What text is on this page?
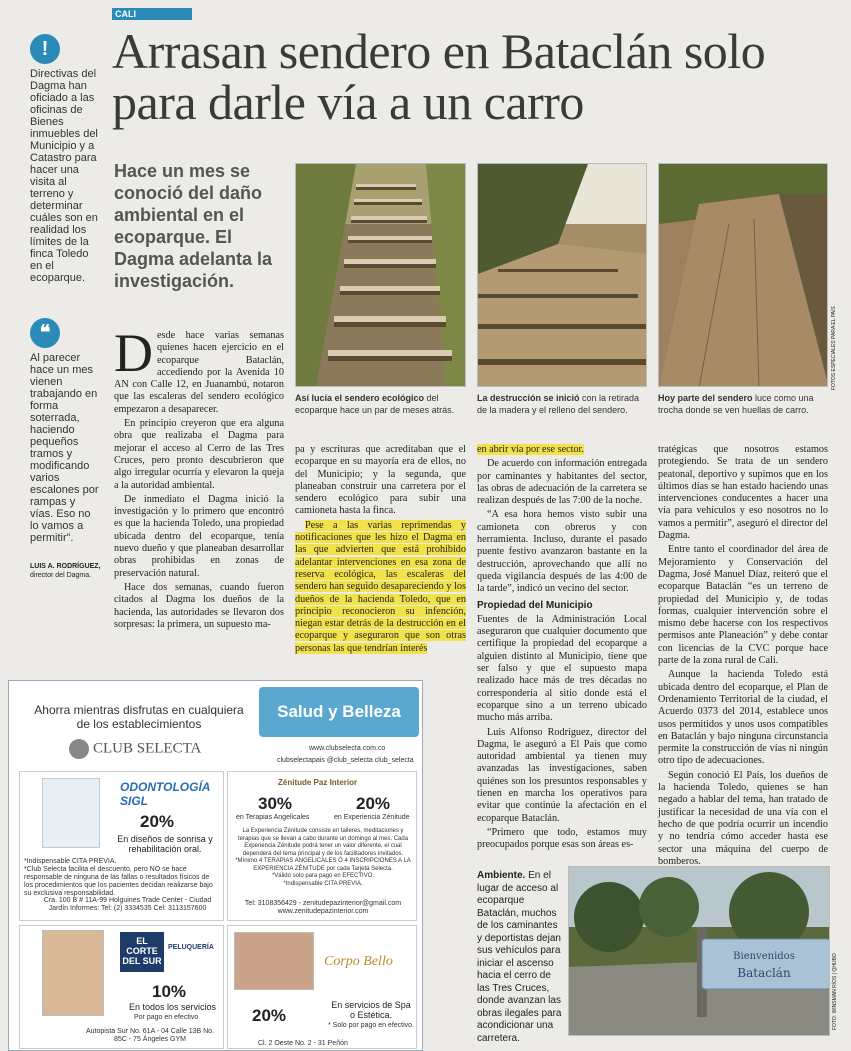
CALI
Arrasan sendero en Bataclán solo para darle vía a un carro
Hace un mes se conoció del daño ambiental en el ecoparque. El Dagma adelanta la investigación.
!
Directivas del Dagma han oficiado a las oficinas de Bienes inmuebles del Municipio y a Catastro para hacer una visita al terreno y determinar cuáles son en realidad los límites de la finca Toledo en el ecoparque.
❝
Al parecer hace un mes vienen trabajando en forma soterrada, haciendo pequeños tramos y modificando varios escalones por rampas y vías. Eso no lo vamos a permitir”.
LUIS A. RODRÍGUEZ,
director del Dagma.
Así lucía el sendero ecológico del ecoparque hace un par de meses atrás.
La destrucción se inició con la retirada de la madera y el relleno del sendero.
FOTOS ESPECIALES PARA EL PAÍS
Hoy parte del sendero luce como una trocha donde se ven huellas de carro.

Desde hace varias semanas quienes hacen ejercicio en el ecoparque Bataclán, accediendo por la Avenida 10 AN con Calle 12, en Juanambú, notaron que las escaleras del sendero ecológico empezaron a desaparecer.

En principio creyeron que era alguna obra que realizaba el Dagma para mejorar el acceso al Cerro de las Tres Cruces, pero pronto descubrieron que algo irregular ocurría y elevaron la queja a la autoridad ambiental.

De inmediato el Dagma inició la investigación y lo primero que encontró es que la hacienda Toledo, una propiedad ubicada dentro del ecoparque, tenía nuevo dueño y que planeaban desarrollar obras prohibidas en zonas de preservación natural.

Hace dos semanas, cuando fueron citados al Dagma los dueños de la hacienda, las autoridades se llevaron dos sorpresas: la primera, un supuesto ma-

pa y escrituras que acreditaban que el ecoparque en su mayoría era de ellos, no del Municipio; y la segunda, que planeaban construir una carretera por el sendero ecológico para subir una camioneta hasta la finca.

Pese a las varias reprimendas y notificaciones que les hizo el Dagma en las que advierten que está prohibido adelantar intervenciones en esa zona de reserva ecológica, las escaleras del sendero han seguido desapareciendo y los dueños de la hacienda Toledo, que en principio reconocieron su infención, niegan estar detrás de la destrucción en el ecoparque y aseguraron que son otras personas las que tendrían interés

en abrir vía por ese sector.

De acuerdo con información entregada por caminantes y habitantes del sector, las obras de adecuación de la carretera se realizan después de las 7:00 de la noche.

“A esa hora hemos visto subir una camioneta con obreros y con herramienta. Incluso, durante el pasado puente festivo avanzaron bastante en la destrucción, aprovechando que allí no queda vigilancia después de las 4:00 de la tarde”, indicó un vecino del sector.

Propiedad del Municipio

Fuentes de la Administración Local aseguraron que cualquier documento que certifique la propiedad del ecoparque a alguien distinto al Municipio, tiene que ser falso y que el supuesto mapa realizado hace más de tres décadas no correspondería al sitio donde está el ecoparque sino a un terreno ubicado mucho más arriba.

Luis Alfonso Rodríguez, director del Dagma, le aseguró a El País que como autoridad ambiental ya tienen muy avanzadas las investigaciones, saben quiénes son los presuntos responsables y tienen en marcha los operativos para evitar que continúe la afectación en el ecoparque Bataclán.

“Primero que todo, estamos muy preocupados porque esas son áreas es-

tratégicas que nosotros estamos protegiendo. Se trata de un sendero peatonal, deportivo y supimos que en los últimos días se han estado haciendo unas intervenciones conducentes a hacer una vía para vehículos y eso nosotros no lo vamos a permitir”, aseguró el director del Dagma.

Entre tanto el coordinador del área de Mejoramiento y Conservación del Dagma, José Manuel Díaz, reiteró que el ecoparque Bataclán “es un terreno de propiedad del Municipio y, de todas formas, cualquier intervención sobre el mismo debe hacerse con los respectivos permisos ante Planeación” y debe contar con licencias de la CVC porque hace parte de la zona rural de Cali.

Aunque la hacienda Toledo está ubicada dentro del ecoparque, el Plan de Ordenamiento Territorial de la ciudad, el Acuerdo 0373 del 2014, establece unos usos permitidos y unos usos compatibles en Bataclán y bajo ninguna circunstancia permite la construcción de vías ni ningún otro tipo de adecuaciones.

Según conoció El País, los dueños de la hacienda Toledo, quienes se han negado a hablar del tema, han tratado de justificar la necesidad de una vía con el hecho de que podría ocurrir un incendio y no tendría cómo acceder hasta ese sector una máquina del cuerpo de bomberos.

Ambiente. En el lugar de acceso al ecoparque Bataclán, muchos de los caminantes y deportistas dejan sus vehículos para iniciar el ascenso hacia el cerro de las Tres Cruces, donde avanzan las obras ilegales para acondicionar una carretera.
Bienvenidos
Bataclán	FOTO: WINSMAN RÍOS | QHUBO
Ahorra mientras disfrutas en cualquiera de los establecimientos
CLUB SELECTA
Salud y Belleza
www.clubselecta.com.co
clubselectapais @club_selecta club_selecta
ODONTOLOGÍA SIGL
20%
En diseños de sonrisa y rehabilitación oral.
*Indispensable CITA PREVIA.
*Club Selecta facilita el descuento, pero NO se hace responsable de ninguna de las fallas o resultados físicos de los procedimientos que los pacientes decidan realizarse bajo su exclusiva responsabilidad.
Cra. 100 B # 11A-99 Holguines Trade Center - Ciudad Jardín Informes: Tel: (2) 3334535 Cel: 3113157600
Zénitude Paz Interior
30%
en Terapias Angelicales
20%
en Experiencia Zénitude
La Experiencia Zénitude consiste en talleres, meditaciones y terapias que se llevan a cabo durante un domingo al mes. Cada Experiencia Zénitude podrá tener un valor diferente, el cual dependerá del tema principal y de los facilitadores invitados.
*Mínimo 4 TERAPIAS ANGELICALES Ó 4 INSCRIPCIONES A LA EXPERIENCIA ZÉNITUDE por cada Tarjeta Selecta.
*Válido solo para pago en EFECTIVO.
*Indispensable CITA PREVIA.
Tel: 3108356429 - zenitudepazinterior@gmail.com www.zenitudepazinterior.com
EL CORTE DEL SUR
PELUQUERÍA
10%
En todos los servicios
Por pago en efectivo
Autopista Sur No. 61A - 04 Calle 13B No. 85C - 75 Ángeles GYM
Corpo Bello
20%
En servicios de Spa o Estética.
* Solo por pago en efectivo.
Cl. 2 Oeste No. 2 - 31 Peñón
